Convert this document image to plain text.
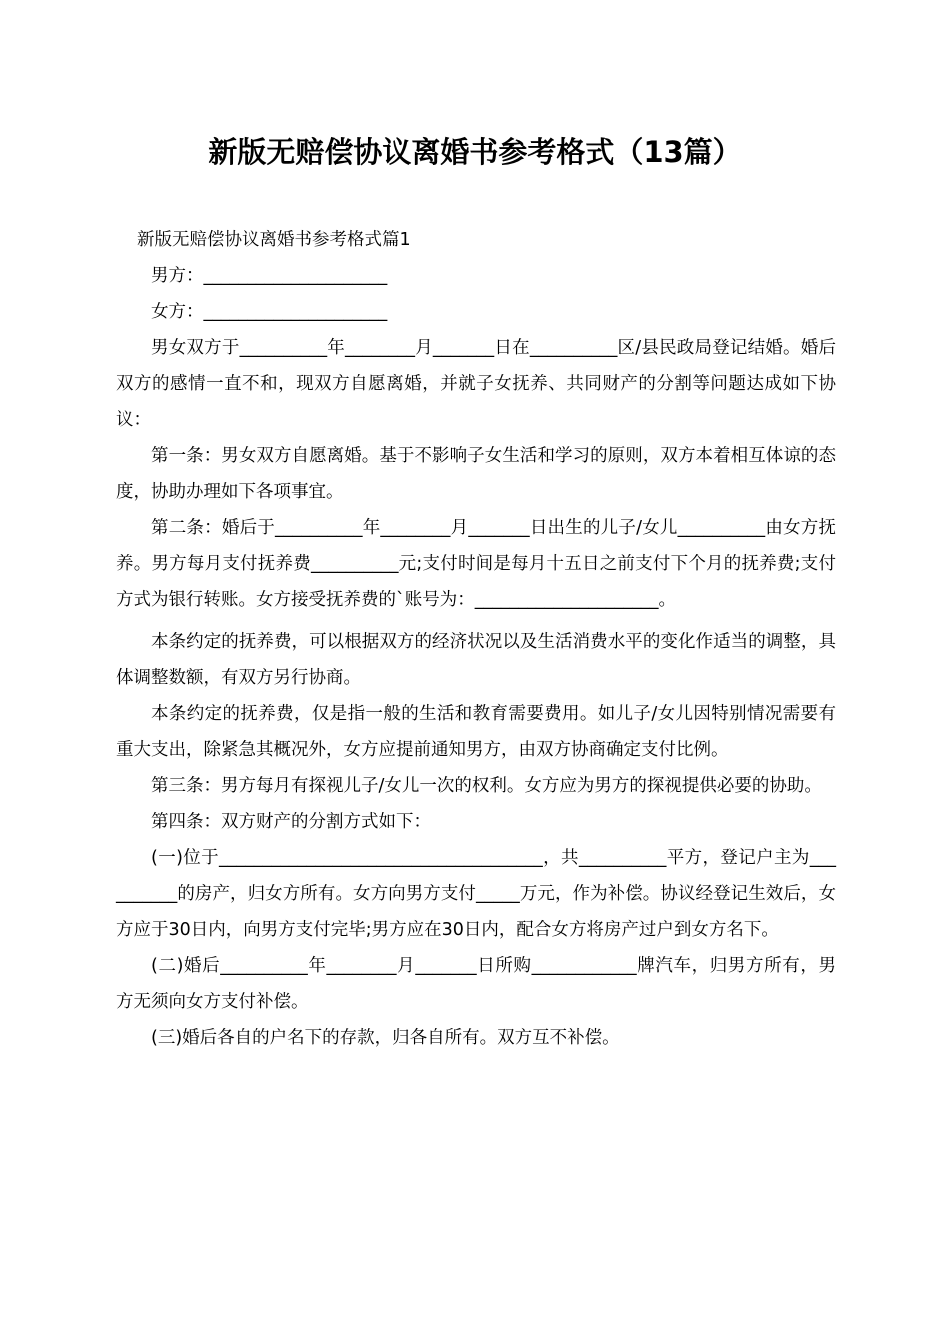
新版无赔偿协议离婚书参考格式（13篇）

新版无赔偿协议离婚书参考格式篇1

男方：_____________________

女方：_____________________

男女双方于__________年________月_______日在__________区/县民政局登记结婚。婚后双方的感情一直不和，现双方自愿离婚，并就子女抚养、共同财产的分割等问题达成如下协议：

第一条：男女双方自愿离婚。基于不影响子女生活和学习的原则，双方本着相互体谅的态度，协助办理如下各项事宜。

第二条：婚后于__________年________月_______日出生的儿子/女儿__________由女方抚养。男方每月支付抚养费__________元;支付时间是每月十五日之前支付下个月的抚养费;支付方式为银行转账。女方接受抚养费的`账号为：_____________________。

本条约定的抚养费，可以根据双方的经济状况以及生活消费水平的变化作适当的调整，具体调整数额，有双方另行协商。

本条约定的抚养费，仅是指一般的生活和教育需要费用。如儿子/女儿因特别情况需要有重大支出，除紧急其概况外，女方应提前通知男方，由双方协商确定支付比例。

第三条：男方每月有探视儿子/女儿一次的权利。女方应为男方的探视提供必要的协助。

第四条：双方财产的分割方式如下：

(一)位于_____________________________________，共__________平方，登记户主为__________的房产，归女方所有。女方向男方支付_____万元，作为补偿。协议经登记生效后，女方应于30日内，向男方支付完毕;男方应在30日内，配合女方将房产过户到女方名下。

(二)婚后__________年________月_______日所购____________牌汽车，归男方所有，男方无须向女方支付补偿。

(三)婚后各自的户名下的存款，归各自所有。双方互不补偿。
